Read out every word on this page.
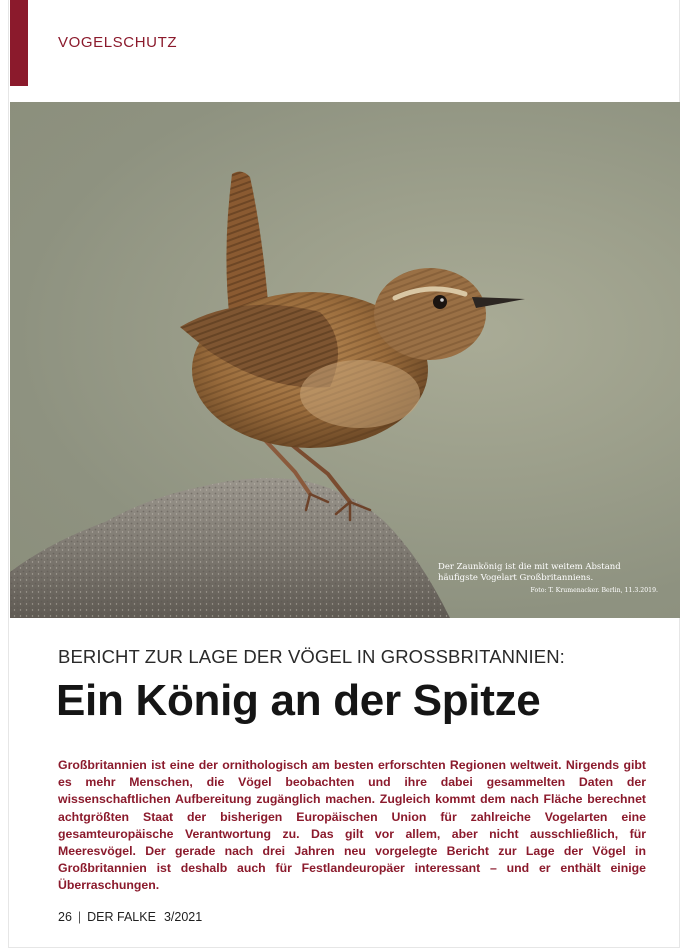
VOGELSCHUTZ
Der Zaunkönig ist die mit weitem Abstand häufigste Vogelart Großbritanniens.
Foto: T. Krumenacker. Berlin, 11.3.2019.
BERICHT ZUR LAGE DER VÖGEL IN GROSSBRITANNIEN:
Ein König an der Spitze
Großbritannien ist eine der ornithologisch am besten erforschten Regionen weltweit. Nirgends gibt es mehr Menschen, die Vögel beobachten und ihre dabei gesammelten Daten der wissenschaftlichen Aufbereitung zugänglich machen. Zugleich kommt dem nach Fläche berechnet achtgrößten Staat der bisherigen Europäischen Union für zahlreiche Vogelarten eine gesamteuropäische Verantwortung zu. Das gilt vor allem, aber nicht ausschließlich, für Meeresvögel. Der gerade nach drei Jahren neu vorgelegte Bericht zur Lage der Vögel in Großbritannien ist deshalb auch für Festlandeuropäer interessant – und er enthält einige Überraschungen.
26 | DER FALKE 3/2021
